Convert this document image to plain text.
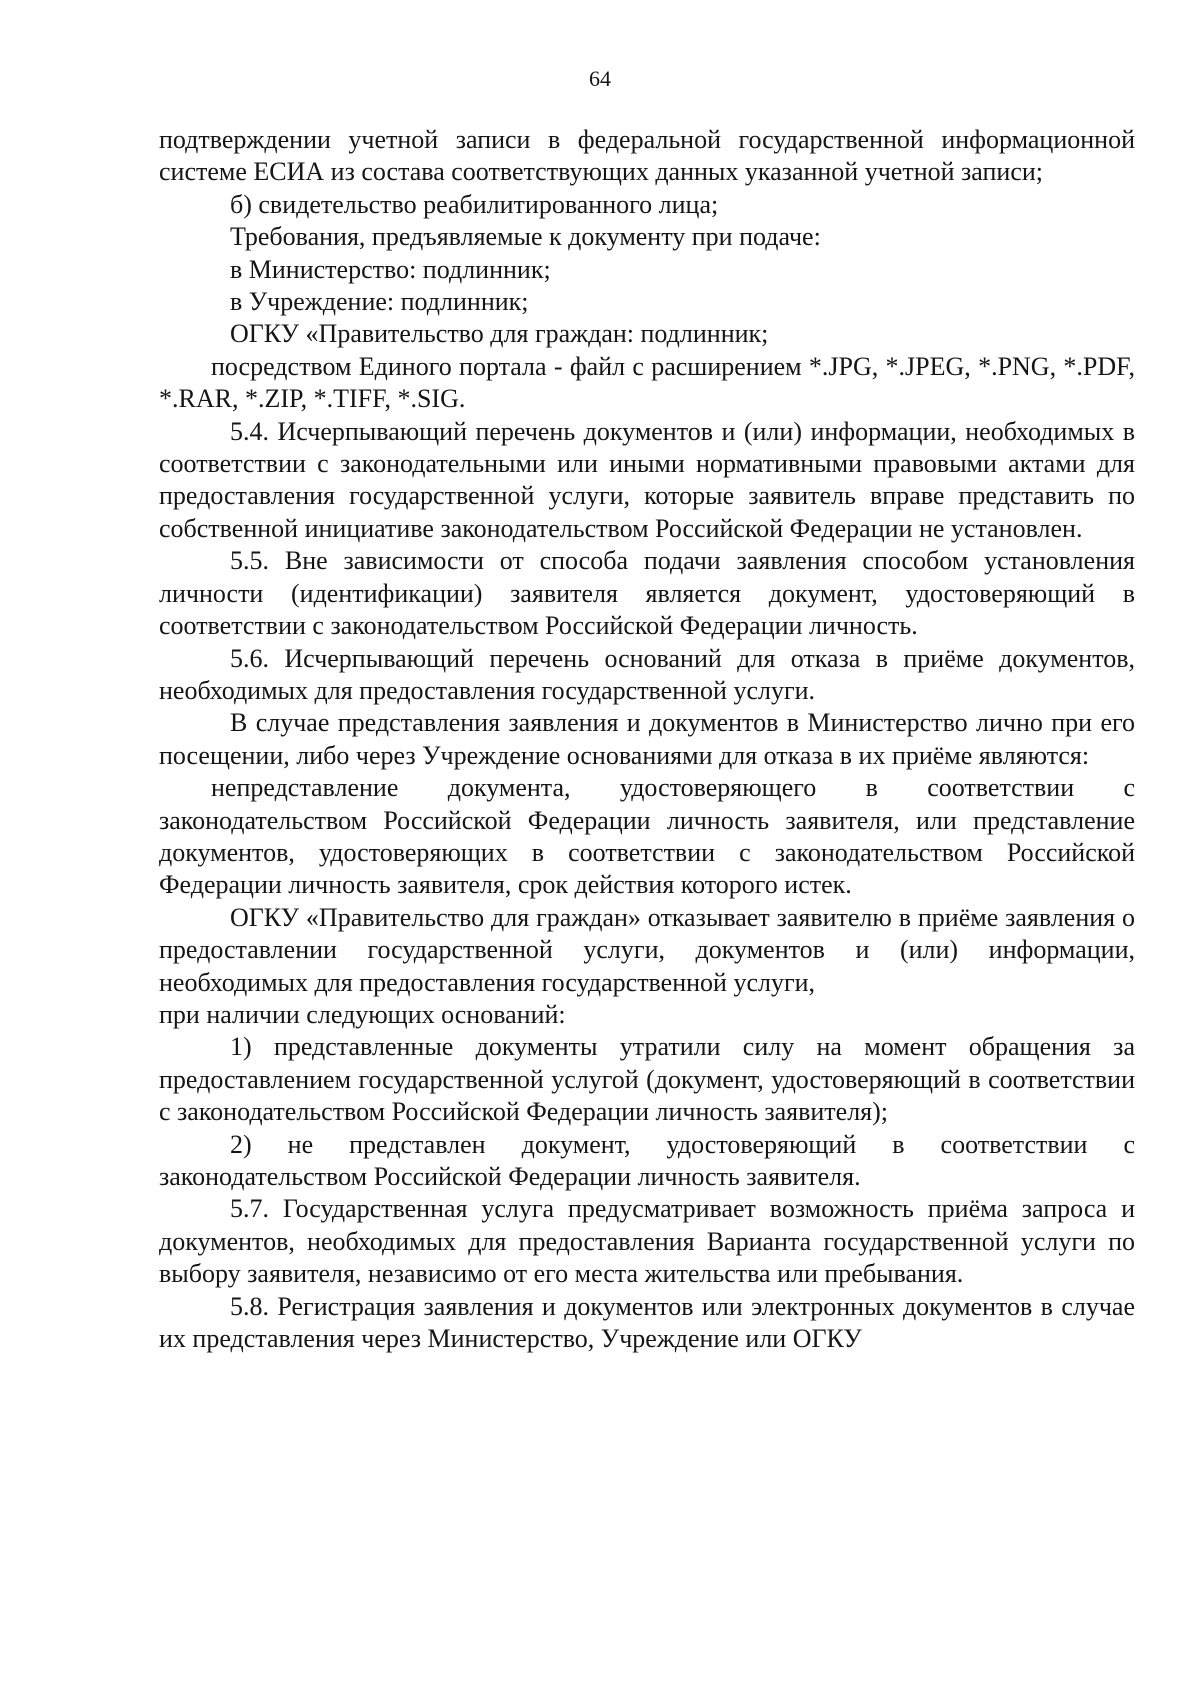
64

подтверждении учетной записи в федеральной государственной информационной системе ЕСИА из состава соответствующих данных указанной учетной записи;

б) свидетельство реабилитированного лица;

Требования, предъявляемые к документу при подаче:

в Министерство: подлинник;

в Учреждение: подлинник;

ОГКУ «Правительство для граждан: подлинник;

посредством Единого портала - файл с расширением *.JPG, *.JPEG, *.PNG, *.PDF, *.RAR, *.ZIP, *.TIFF, *.SIG.

5.4. Исчерпывающий перечень документов и (или) информации, необходимых в соответствии с законодательными или иными нормативными правовыми актами для предоставления государственной услуги, которые заявитель вправе представить по собственной инициативе законодательством Российской Федерации не установлен.

5.5. Вне зависимости от способа подачи заявления способом установления личности (идентификации) заявителя является документ, удостоверяющий в соответствии с законодательством Российской Федерации личность.

5.6. Исчерпывающий перечень оснований для отказа в приёме документов, необходимых для предоставления государственной услуги.

В случае представления заявления и документов в Министерство лично при его посещении, либо через Учреждение основаниями для отказа в их приёме являются:

непредставление документа, удостоверяющего в соответствии с законодательством Российской Федерации личность заявителя, или представление документов, удостоверяющих в соответствии с законодательством Российской Федерации личность заявителя, срок действия которого истек.

ОГКУ «Правительство для граждан» отказывает заявителю в приёме заявления о предоставлении государственной услуги, документов и (или) информации, необходимых для предоставления государственной услуги,

при наличии следующих оснований:

1) представленные документы утратили силу на момент обращения за предоставлением государственной услугой (документ, удостоверяющий в соответствии с законодательством Российской Федерации личность заявителя);

2) не представлен документ, удостоверяющий в соответствии с законодательством Российской Федерации личность заявителя.

5.7. Государственная услуга предусматривает возможность приёма запроса и документов, необходимых для предоставления Варианта государственной услуги по выбору заявителя, независимо от его места жительства или пребывания.

5.8. Регистрация заявления и документов или электронных документов в случае их представления через Министерство, Учреждение или ОГКУ
